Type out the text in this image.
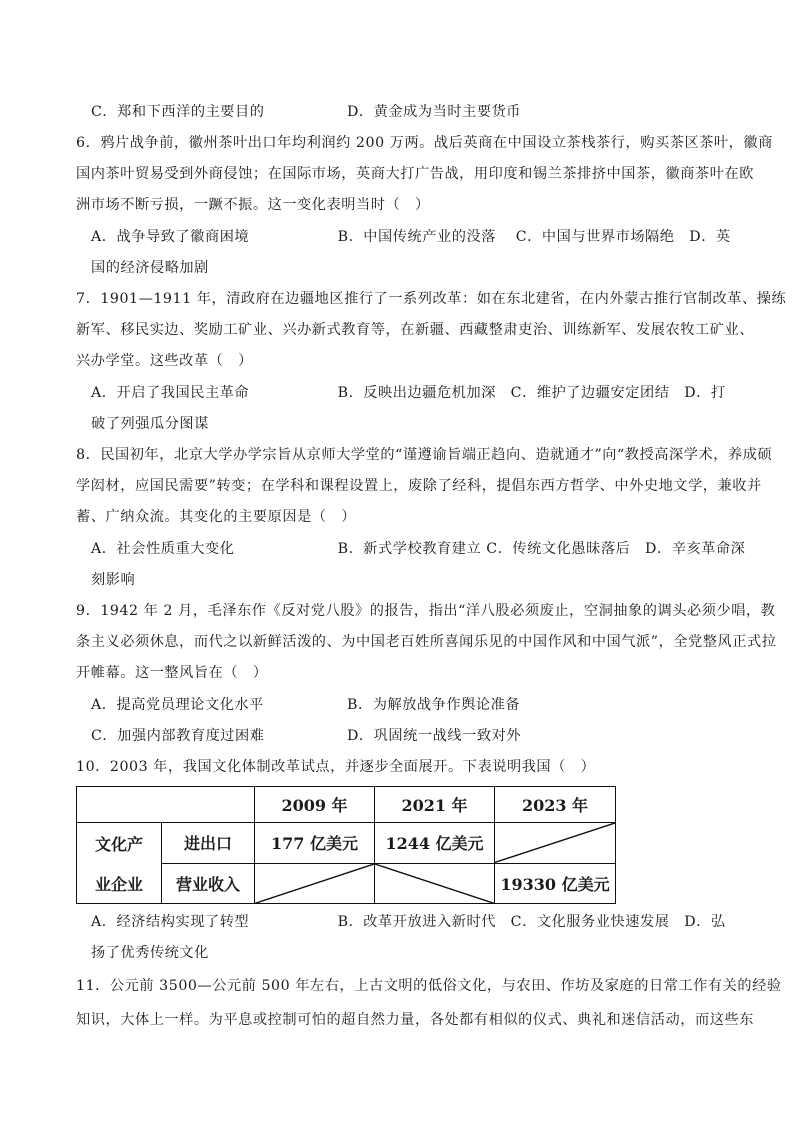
C．郑和下西洋的主要目的	D．黄金成为当时主要货币
6．鸦片战争前，徽州茶叶出口年均利润约 200 万两。战后英商在中国设立茶栈茶行，购买茶区茶叶，徽商
国内茶叶贸易受到外商侵蚀；在国际市场，英商大打广告战，用印度和锡兰茶排挤中国茶，徽商茶叶在欧
洲市场不断亏损，一蹶不振。这一变化表明当时（　）
A．战争导致了徽商困境　　　　　　B．中国传统产业的没落　 C．中国与世界市场隔绝　D．英
国的经济侵略加剧
7．1901—1911 年，清政府在边疆地区推行了一系列改革：如在东北建省，在内外蒙古推行官制改革、操练
新军、移民实边、奖励工矿业、兴办新式教育等，在新疆、西藏整肃吏治、训练新军、发展农牧工矿业、
兴办学堂。这些改革（　）
A．开启了我国民主革命　　　　　　B．反映出边疆危机加深　C．维护了边疆安定团结　D．打
破了列强瓜分图谋
8．民国初年，北京大学办学宗旨从京师大学堂的“谨遵谕旨端正趋向、造就通才”向“教授高深学术，养成硕
学闳材，应国民需要”转变；在学科和课程设置上，废除了经科，提倡东西方哲学、中外史地文学，兼收并
蓄、广纳众流。其变化的主要原因是（　）
A．社会性质重大变化　　　　　　　B．新式学校教育建立 C．传统文化愚昧落后　D．辛亥革命深
刻影响
9．1942 年 2 月，毛泽东作《反对党八股》的报告，指出“洋八股必须废止，空洞抽象的调头必须少唱，教
条主义必须休息，而代之以新鲜活泼的、为中国老百姓所喜闻乐见的中国作风和中国气派”，全党整风正式拉
开帷幕。这一整风旨在（　）
A．提高党员理论文化水平	B．为解放战争作舆论准备
C．加强内部教育度过困难	D．巩固统一战线一致对外
10．2003 年，我国文化体制改革试点，并逐步全面展开。下表说明我国（　）
		2009 年	2021 年	2023 年
文化产	进出口	177 亿美元	1244 亿美元	

业企业	营业收入			19330 亿美元
A．经济结构实现了转型　　　　　　B．改革开放进入新时代　C．文化服务业快速发展　D．弘
扬了优秀传统文化
11．公元前 3500—公元前 500 年左右，上古文明的低俗文化，与农田、作坊及家庭的日常工作有关的经验
知识，大体上一样。为平息或控制可怕的超自然力量，各处都有相似的仪式、典礼和迷信活动，而这些东
